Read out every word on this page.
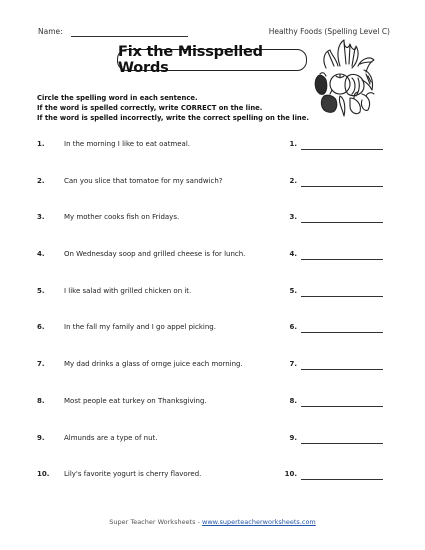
Name:	Healthy Foods (Spelling Level C)
Fix the Misspelled Words
Circle the spelling word in each sentence.
If the word is spelled correctly, write CORRECT on the line.
If the word is spelled incorrectly, write the correct spelling on the line.
1.	In the morning I like to eat oatmeal.	1.
2.	Can you slice that tomatoe for my sandwich?	2.
3.	My mother cooks fish on Fridays.	3.
4.	On Wednesday soop and grilled cheese is for lunch.	4.
5.	I like salad with grilled chicken on it.	5.
6.	In the fall my family and I go appel picking.	6.
7.	My dad drinks a glass of ornge juice each morning.	7.
8.	Most people eat turkey on Thanksgiving.	8.
9.	Almunds are a type of nut.	9.
10. Lily's favorite yogurt is cherry flavored.	10.
Super Teacher Worksheets - www.superteacherworksheets.com
